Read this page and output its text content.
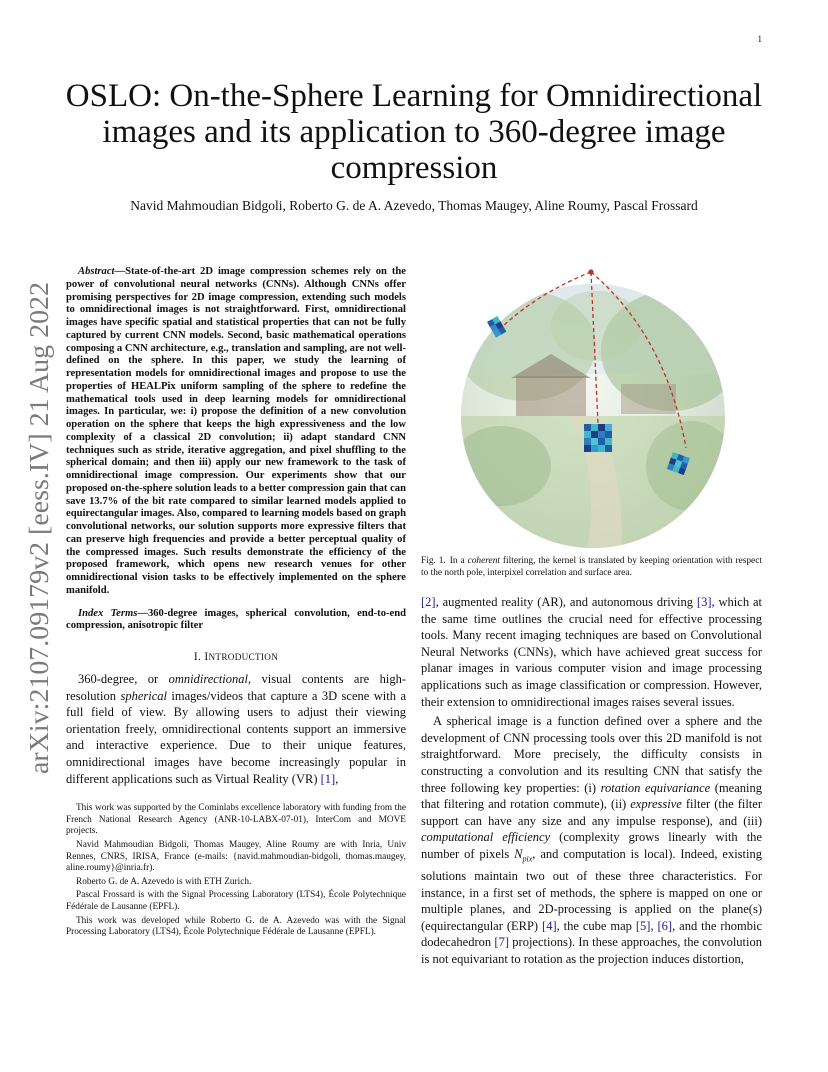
1
arXiv:2107.09179v2 [eess.IV] 21 Aug 2022
OSLO: On-the-Sphere Learning for Omnidirectional
images and its application to 360-degree image
compression

Navid Mahmoudian Bidgoli, Roberto G. de A. Azevedo, Thomas Maugey, Aline Roumy, Pascal Frossard

Abstract—State-of-the-art 2D image compression schemes rely on the power of convolutional neural networks (CNNs). Although CNNs offer promising perspectives for 2D image compression, extending such models to omnidirectional images is not straightforward. First, omnidirectional images have specific spatial and statistical properties that can not be fully captured by current CNN models. Second, basic mathematical operations composing a CNN architecture, e.g., translation and sampling, are not well-defined on the sphere. In this paper, we study the learning of representation models for omnidirectional images and propose to use the properties of HEALPix uniform sampling of the sphere to redefine the mathematical tools used in deep learning models for omnidirectional images. In particular, we: i) propose the definition of a new convolution operation on the sphere that keeps the high expressiveness and the low complexity of a classical 2D convolution; ii) adapt standard CNN techniques such as stride, iterative aggregation, and pixel shuffling to the spherical domain; and then iii) apply our new framework to the task of omnidirectional image compression. Our experiments show that our proposed on-the-sphere solution leads to a better compression gain that can save 13.7% of the bit rate compared to similar learned models applied to equirectangular images. Also, compared to learning models based on graph convolutional networks, our solution supports more expressive filters that can preserve high frequencies and provide a better perceptual quality of the compressed images. Such results demonstrate the efficiency of the proposed framework, which opens new research venues for other omnidirectional vision tasks to be effectively implemented on the sphere manifold.

Index Terms—360-degree images, spherical convolution, end-to-end compression, anisotropic filter

I. INTRODUCTION

360-degree, or omnidirectional, visual contents are high-resolution spherical images/videos that capture a 3D scene with a full field of view. By allowing users to adjust their viewing orientation freely, omnidirectional contents support an immersive and interactive experience. Due to their unique features, omnidirectional images have become increasingly popular in different applications such as Virtual Reality (VR) [1],

This work was supported by the Cominlabs excellence laboratory with funding from the French National Research Agency (ANR-10-LABX-07-01), InterCom and MOVE projects.

Navid Mahmoudian Bidgoli, Thomas Maugey, Aline Roumy are with Inria, Univ Rennes, CNRS, IRISA, France (e-mails: {navid.mahmoudian-bidgoli, thomas.maugey, aline.roumy}@inria.fr).

Roberto G. de A. Azevedo is with ETH Zurich.

Pascal Frossard is with the Signal Processing Laboratory (LTS4), École Polytechnique Fédérale de Lausanne (EPFL).

This work was developed while Roberto G. de A. Azevedo was with the Signal Processing Laboratory (LTS4), École Polytechnique Fédérale de Lausanne (EPFL).

Fig. 1. In a coherent filtering, the kernel is translated by keeping orientation with respect to the north pole, interpixel correlation and surface area.

[2], augmented reality (AR), and autonomous driving [3], which at the same time outlines the crucial need for effective processing tools. Many recent imaging techniques are based on Convolutional Neural Networks (CNNs), which have achieved great success for planar images in various computer vision and image processing applications such as image classification or compression. However, their extension to omnidirectional images raises several issues.

A spherical image is a function defined over a sphere and the development of CNN processing tools over this 2D manifold is not straightforward. More precisely, the difficulty consists in constructing a convolution and its resulting CNN that satisfy the three following key properties: (i) rotation equivariance (meaning that filtering and rotation commute), (ii) expressive filter (the filter support can have any size and any impulse response), and (iii) computational efficiency (complexity grows linearly with the number of pixels $N_{pix}$, and computation is local). Indeed, existing solutions maintain two out of these three characteristics. For instance, in a first set of methods, the sphere is mapped on one or multiple planes, and 2D-processing is applied on the plane(s) (equirectangular (ERP) [4], the cube map [5], [6], and the rhombic dodecahedron [7] projections). In these approaches, the convolution is not equivariant to rotation as the projection induces distortion,
